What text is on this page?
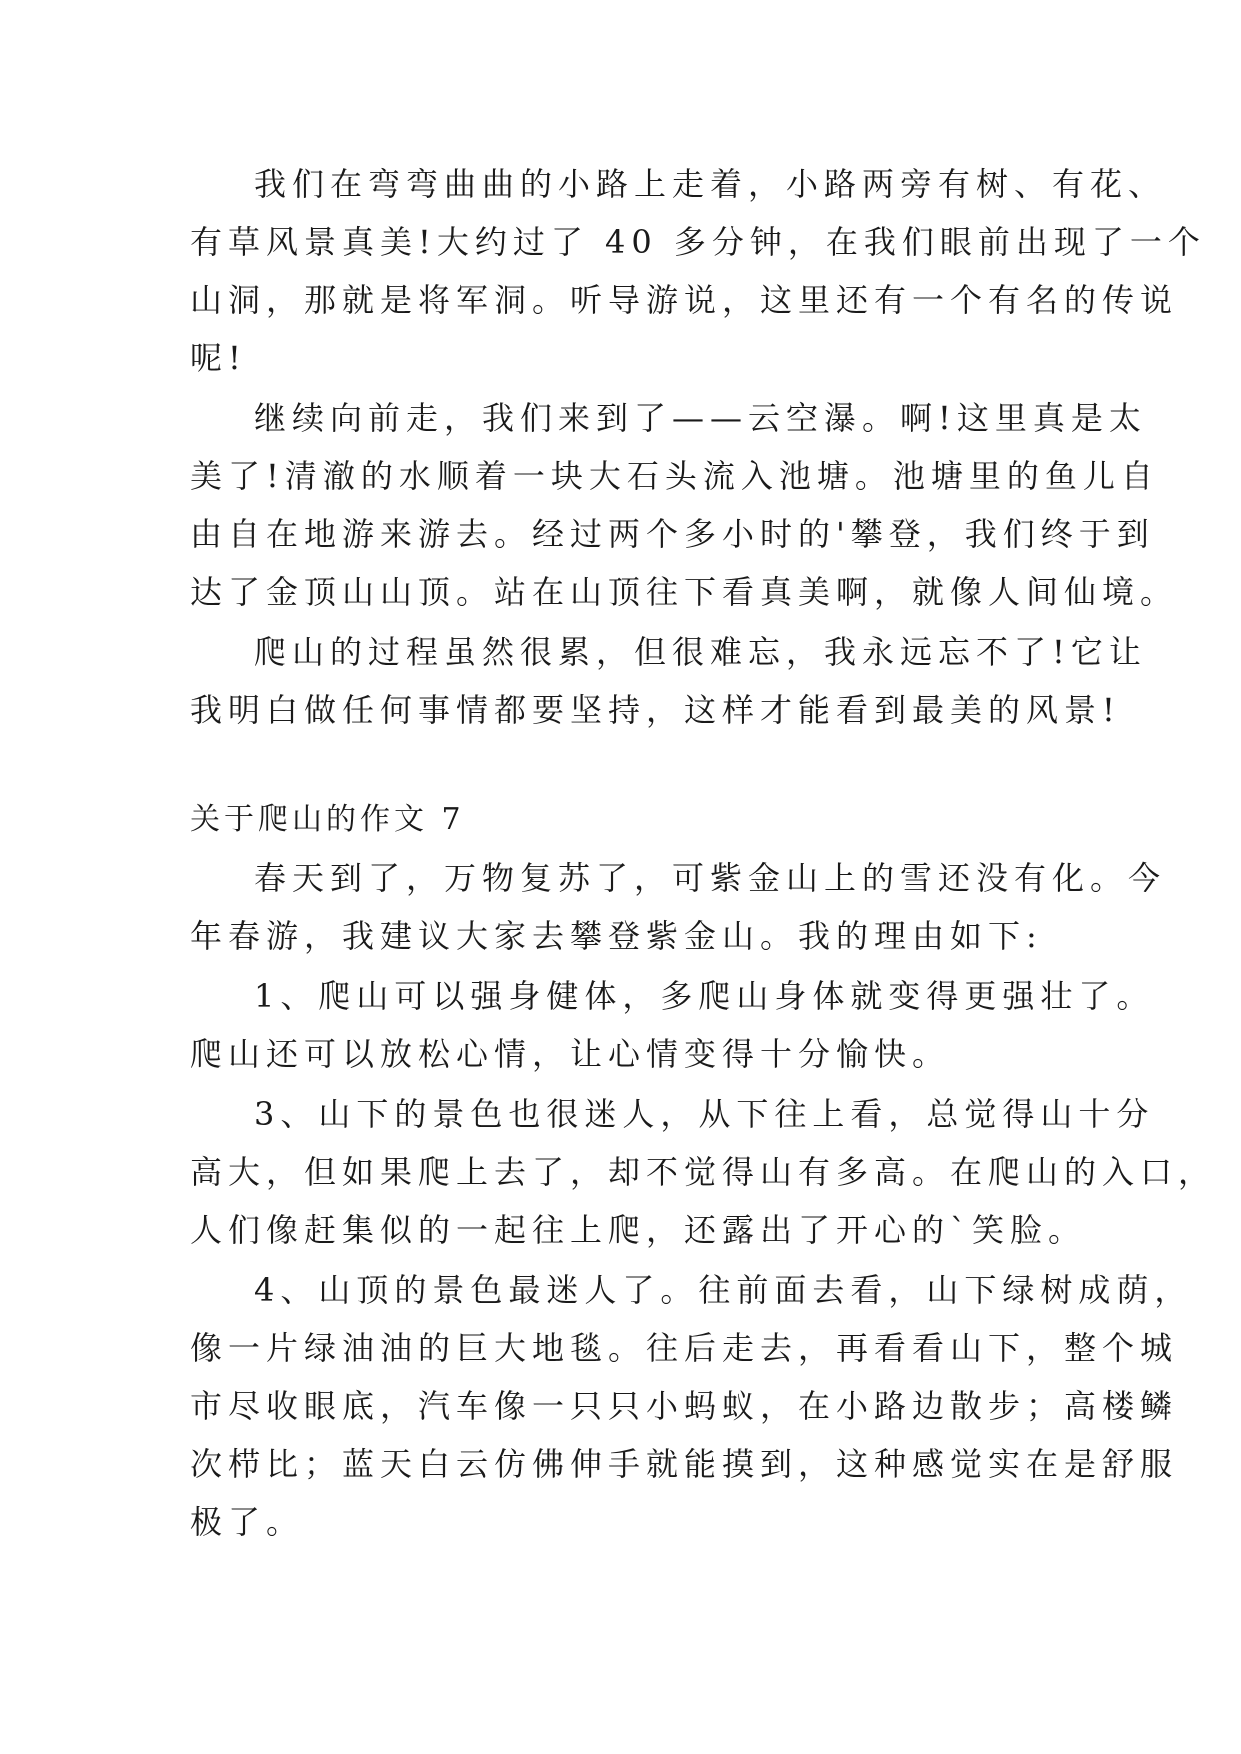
我们在弯弯曲曲的小路上走着，小路两旁有树、有花、
有草风景真美!大约过了 40 多分钟，在我们眼前出现了一个
山洞，那就是将军洞。听导游说，这里还有一个有名的传说
呢!
继续向前走，我们来到了——云空瀑。啊!这里真是太
美了!清澈的水顺着一块大石头流入池塘。池塘里的鱼儿自
由自在地游来游去。经过两个多小时的'攀登，我们终于到
达了金顶山山顶。站在山顶往下看真美啊，就像人间仙境。
爬山的过程虽然很累，但很难忘，我永远忘不了!它让
我明白做任何事情都要坚持，这样才能看到最美的风景!
关于爬山的作文 7
春天到了，万物复苏了，可紫金山上的雪还没有化。今
年春游，我建议大家去攀登紫金山。我的理由如下:
1、爬山可以强身健体，多爬山身体就变得更强壮了。
爬山还可以放松心情，让心情变得十分愉快。
3、山下的景色也很迷人，从下往上看，总觉得山十分
高大，但如果爬上去了，却不觉得山有多高。在爬山的入口，
人们像赶集似的一起往上爬，还露出了开心的`笑脸。
4、山顶的景色最迷人了。往前面去看，山下绿树成荫，
像一片绿油油的巨大地毯。往后走去，再看看山下，整个城
市尽收眼底，汽车像一只只小蚂蚁，在小路边散步；高楼鳞
次栉比；蓝天白云仿佛伸手就能摸到，这种感觉实在是舒服
极了。
